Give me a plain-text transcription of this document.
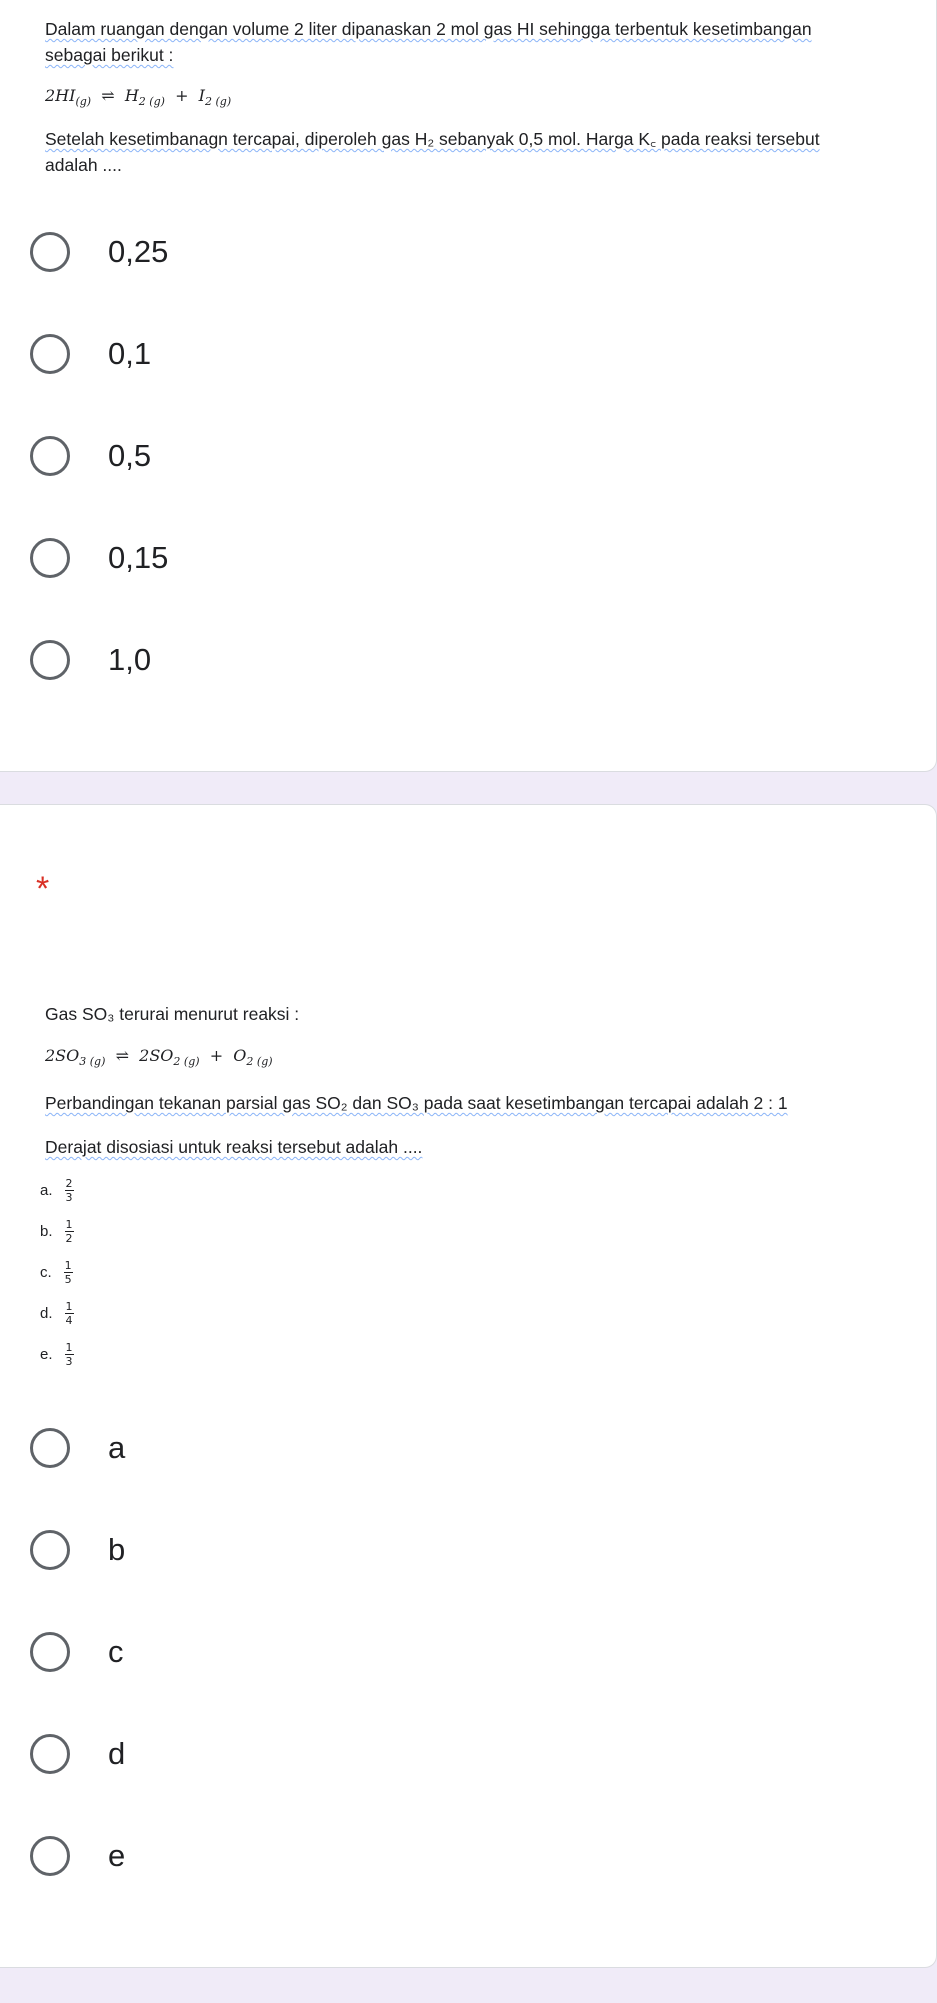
Dalam ruangan dengan volume 2 liter dipanaskan 2 mol gas HI sehingga terbentuk kesetimbangan
sebagai berikut :
$2HI_{(g)}$ ⇌ $H_{2 (g)} + I_{2 (g)}$
Setelah kesetimbanagn tercapai, diperoleh gas H₂ sebanyak 0,5 mol. Harga K꜀ pada reaksi tersebut
adalah ....
0,25
0,1
0,5
0,15
1,0
*
Gas SO₃ terurai menurut reaksi :
$2SO_{3 (g)}$ ⇌ $2SO_{2 (g)} + O_{2 (g)}$
Perbandingan tekanan parsial gas SO₂ dan SO₃ pada saat kesetimbangan tercapai adalah 2 : 1
Derajat disosiasi untuk reaksi tersebut adalah ....
a. $\frac{2}{3}$
b. $\frac{1}{2}$
c. $\frac{1}{5}$
d. $\frac{1}{4}$
e. $\frac{1}{3}$
a
b
c
d
e
